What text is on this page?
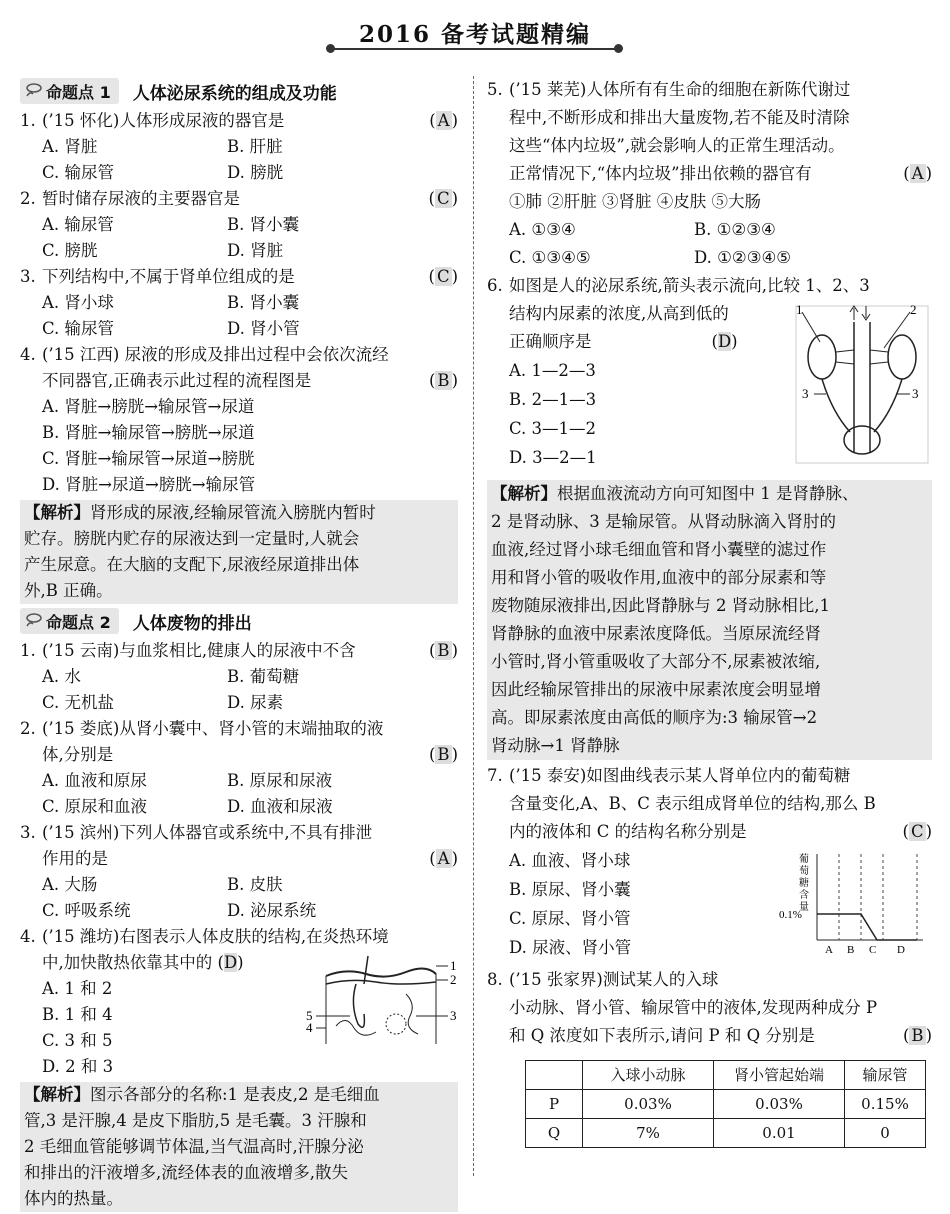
2016 备考试题精编
命题点 1 人体泌尿系统的组成及功能
1. (’15 怀化)人体形成尿液的器官是	( A )
A. 肾脏	B. 肝脏
C. 输尿管	D. 膀胱
2. 暂时储存尿液的主要器官是	( C )
A. 输尿管	B. 肾小囊
C. 膀胱	D. 肾脏
3. 下列结构中,不属于肾单位组成的是	( C )
A. 肾小球	B. 肾小囊
C. 输尿管	D. 肾小管
4. (’15 江西) 尿液的形成及排出过程中会依次流经
不同器官,正确表示此过程的流程图是	( B )
A. 肾脏→膀胱→输尿管→尿道
B. 肾脏→输尿管→膀胱→尿道
C. 肾脏→输尿管→尿道→膀胱
D. 肾脏→尿道→膀胱→输尿管
【解析】肾形成的尿液,经输尿管流入膀胱内暂时
贮存。膀胱内贮存的尿液达到一定量时,人就会
产生尿意。在大脑的支配下,尿液经尿道排出体
外,B 正确。
命题点 2 人体废物的排出
1. (’15 云南)与血浆相比,健康人的尿液中不含	( B )
A. 水	B. 葡萄糖
C. 无机盐	D. 尿素
2. (’15 娄底)从肾小囊中、肾小管的末端抽取的液
体,分别是	( B )
A. 血液和原尿	B. 原尿和尿液
C. 原尿和血液	D. 血液和尿液
3. (’15 滨州)下列人体器官或系统中,不具有排泄
作用的是	( A )
A. 大肠	B. 皮肤
C. 呼吸系统	D. 泌尿系统
4. (’15 潍坊)右图表示人体皮肤的结构,在炎热环境
中,加快散热依靠其中的 (D)
A. 1 和 2
B. 1 和 4
C. 3 和 5
D. 2 和 3
1
2
3
4
5
【解析】图示各部分的名称:1 是表皮,2 是毛细血
管,3 是汗腺,4 是皮下脂肪,5 是毛囊。3 汗腺和
2 毛细血管能够调节体温,当气温高时,汗腺分泌
和排出的汗液增多,流经体表的血液增多,散失
体内的热量。
5. (’15 莱芜)人体所有有生命的细胞在新陈代谢过
程中,不断形成和排出大量废物,若不能及时清除
这些“体内垃圾”,就会影响人的正常生理活动。
正常情况下,“体内垃圾”排出依赖的器官有	( A )
①肺 ②肝脏 ③肾脏 ④皮肤 ⑤大肠
A. ①③④	B. ①②③④
C. ①③④⑤	D. ①②③④⑤
6. 如图是人的泌尿系统,箭头表示流向,比较 1、2、3
结构内尿素的浓度,从高到低的
正确顺序是	(D)
A. 1—2—3
B. 2—1—3
C. 3—1—2
D. 3—2—1
1	2
3	3
【解析】根据血液流动方向可知图中 1 是肾静脉、
2 是肾动脉、3 是输尿管。从肾动脉滴入肾肘的
血液,经过肾小球毛细血管和肾小囊壁的滤过作
用和肾小管的吸收作用,血液中的部分尿素和等
废物随尿液排出,因此肾静脉与 2 肾动脉相比,1
肾静脉的血液中尿素浓度降低。当原尿流经肾
小管时,肾小管重吸收了大部分不,尿素被浓缩,
因此经输尿管排出的尿液中尿素浓度会明显增
高。即尿素浓度由高低的顺序为:3 输尿管→2
肾动脉→1 肾静脉
7. (’15 泰安)如图曲线表示某人肾单位内的葡萄糖
含量变化,A、B、C 表示组成肾单位的结构,那么 B
内的液体和 C 的结构名称分别是	( C )
A. 血液、肾小球
B. 原尿、肾小囊
C. 原尿、肾小管
D. 尿液、肾小管
葡
萄
糖
含
量
0.1%
A B C D
8. (’15 张家界)测试某人的入球
小动脉、肾小管、输尿管中的液体,发现两种成分 P
和 Q 浓度如下表所示,请问 P 和 Q 分别是	( B )
	入球小动脉	肾小管起始端	输尿管
P	0.03%	0.03%	0.15%
Q	7%	0.01	0
